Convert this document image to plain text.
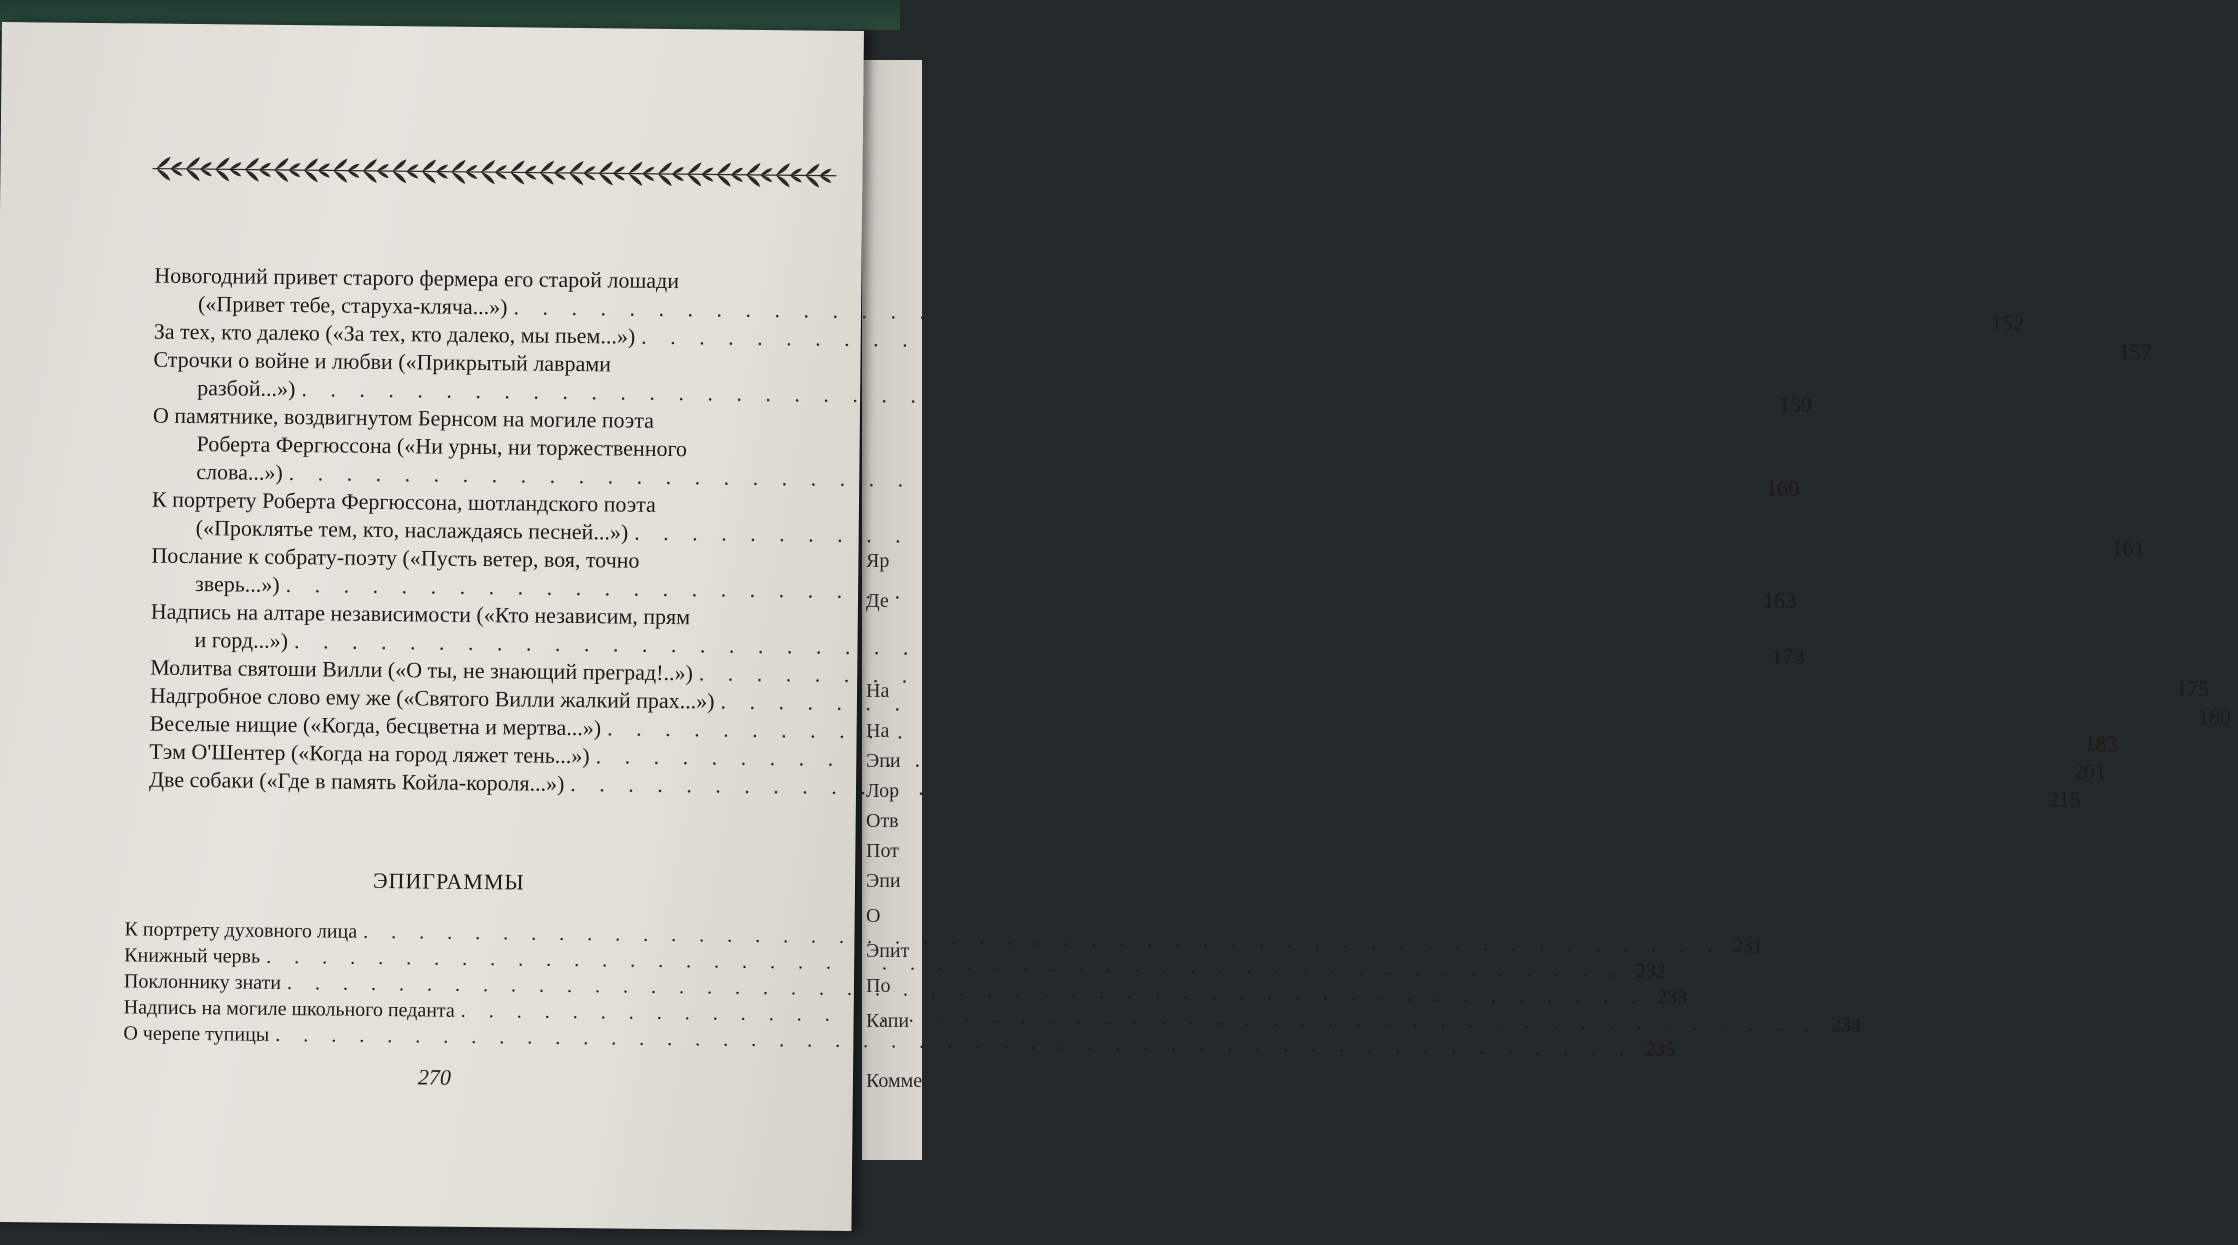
Яр
Де
На
На
Эпи
Лор
Отв
Пот
Эпи
О
Эпит
По
Капи
Коммент
Новогодний привет старого фермера его старой лошади
(«Привет тебе, старуха-кляча...»)
. . .
152
За тех, кто далеко («За тех, кто далеко, мы пьем...»)
. . .
157
Строчки о войне и любви («Прикрытый лаврами
разбой...»)
. . .
159
О памятнике, воздвигнутом Бернсом на могиле поэта
Роберта Фергюссона («Ни урны, ни торжественного
слова...»)
. . .
160
К портрету Роберта Фергюссона, шотландского поэта
(«Проклятье тем, кто, наслаждаясь песней...»)
. . .
161
Послание к собрату-поэту («Пусть ветер, воя, точно
зверь...»)
. . .
163
Надпись на алтаре независимости («Кто независим, прям
и горд...»)
. . .
173
Молитва святоши Вилли («О ты, не знающий преград!..»)
. . .
175
Надгробное слово ему же («Святого Вилли жалкий прах...»)
. . .
180
Веселые нищие («Когда, бесцветна и мертва...»)
. . .
183
Тэм О'Шентер («Когда на город ляжет тень...»)
. . .
201
Две собаки («Где в память Койла-короля...»)
. . .
215
ЭПИГРАММЫ
К портрету духовного лица
. . .
231
Книжный червь
. . .
232
Поклоннику знати
. . .
233
Надпись на могиле школьного педанта
. . .
234
О черепе тупицы
. . .
235
270
